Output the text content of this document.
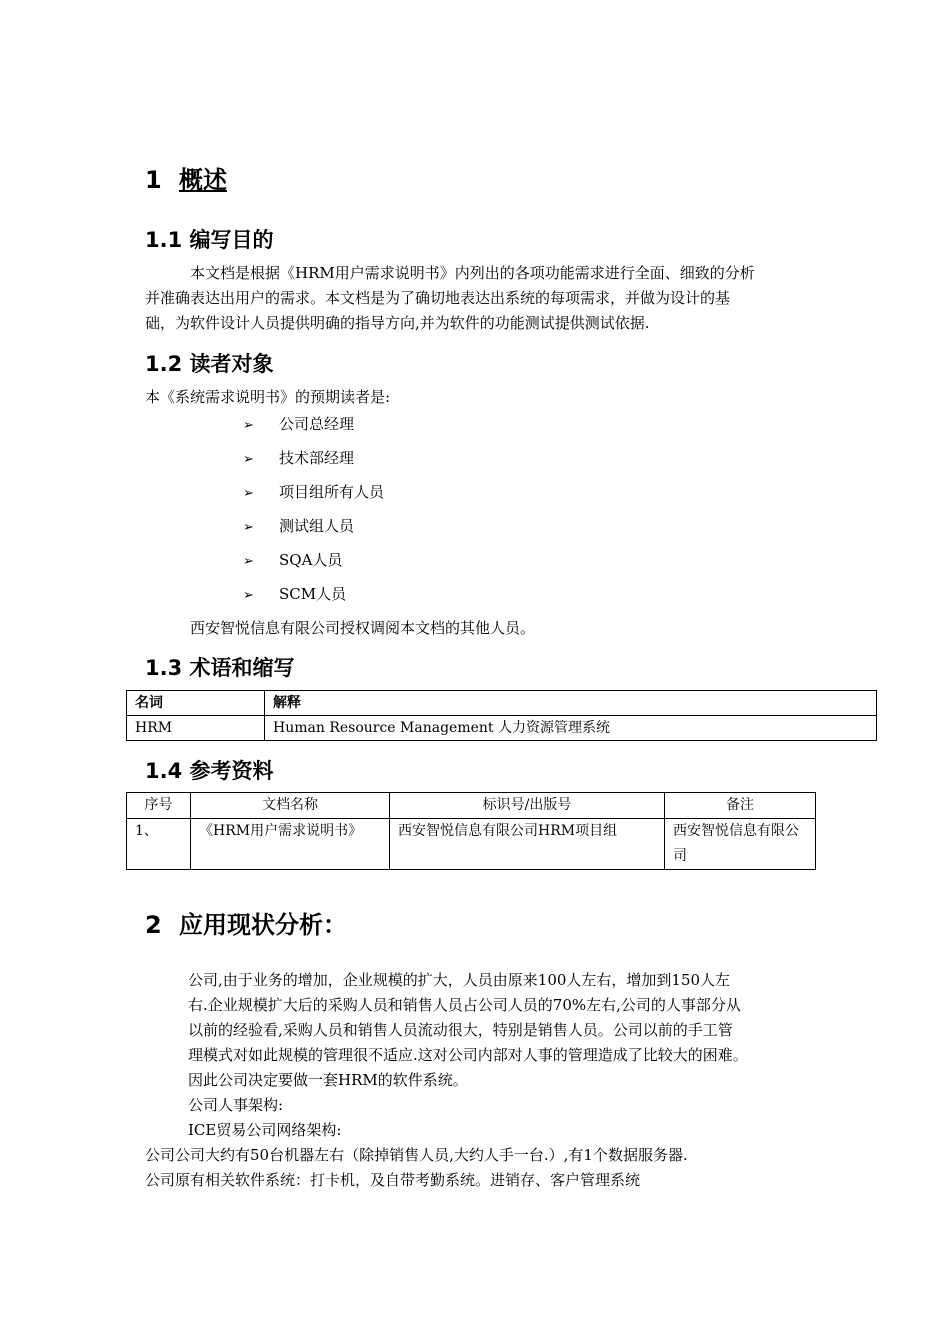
1 概述
1.1 编写目的
本文档是根据《HRM用户需求说明书》内列出的各项功能需求进行全面、细致的分析
并准确表达出用户的需求。本文档是为了确切地表达出系统的每项需求，并做为设计的基
础，为软件设计人员提供明确的指导方向,并为软件的功能测试提供测试依据.
1.2 读者对象
本《系统需求说明书》的预期读者是:
➢ 公司总经理
➢ 技术部经理
➢ 项目组所有人员
➢ 测试组人员
➢ SQA人员
➢ SCM人员
西安智悦信息有限公司授权调阅本文档的其他人员。
1.3 术语和缩写
名词	解释
HRM	Human Resource Management 人力资源管理系统
1.4 参考资料
序号	文档名称	标识号/出版号	备注
1、	《HRM用户需求说明书》	西安智悦信息有限公司HRM项目组	西安智悦信息有限公司
2 应用现状分析：
公司,由于业务的增加，企业规模的扩大，人员由原来100人左右，增加到150人左
右.企业规模扩大后的采购人员和销售人员占公司人员的70%左右,公司的人事部分从
以前的经验看,采购人员和销售人员流动很大，特别是销售人员。公司以前的手工管
理模式对如此规模的管理很不适应.这对公司内部对人事的管理造成了比较大的困难。
因此公司决定要做一套HRM的软件系统。
公司人事架构:
ICE贸易公司网络架构:
公司公司大约有50台机器左右（除掉销售人员,大约人手一台.）,有1个数据服务器.
公司原有相关软件系统：打卡机，及自带考勤系统。进销存、客户管理系统
